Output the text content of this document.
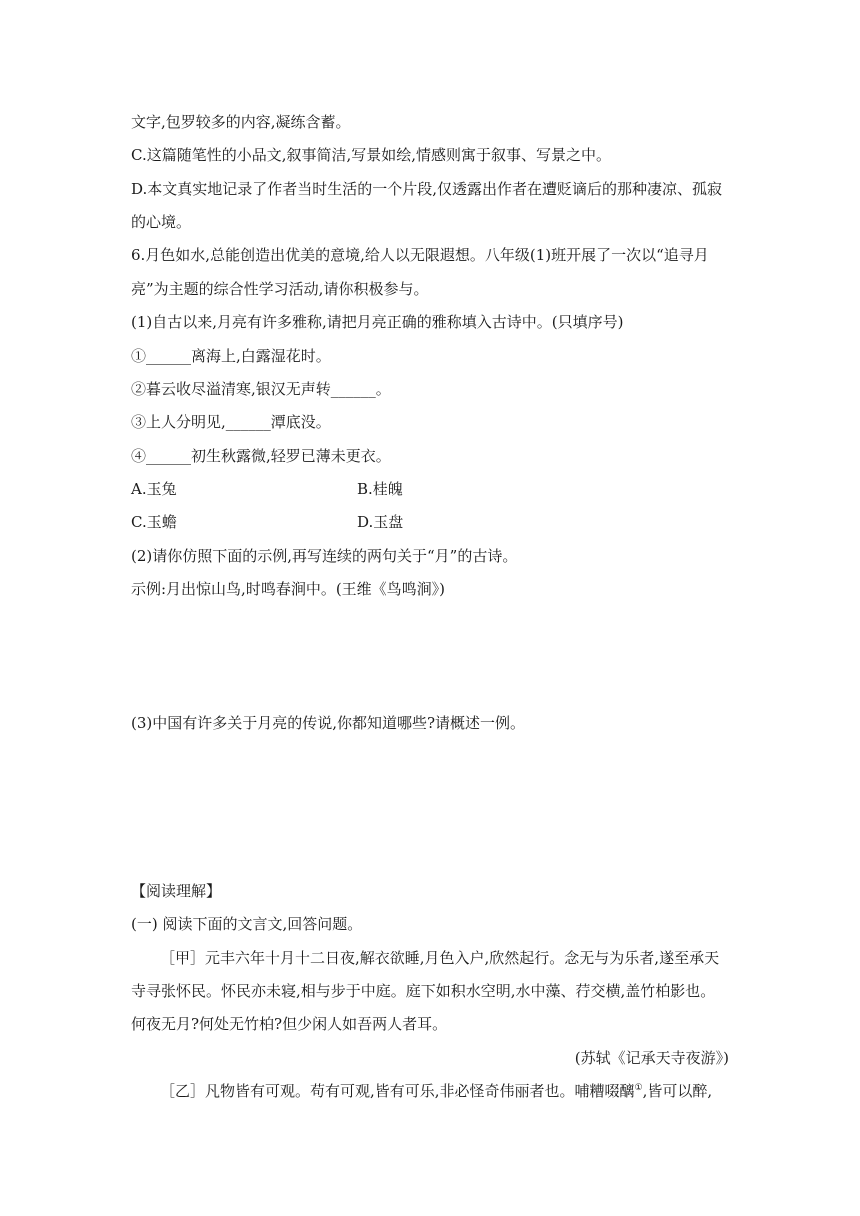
文字,包罗较多的内容,凝练含蓄。
C.这篇随笔性的小品文,叙事简洁,写景如绘,情感则寓于叙事、写景之中。
D.本文真实地记录了作者当时生活的一个片段,仅透露出作者在遭贬谪后的那种凄凉、孤寂
的心境。
6.月色如水,总能创造出优美的意境,给人以无限遐想。八年级(1)班开展了一次以“追寻月
亮”为主题的综合性学习活动,请你积极参与。
(1)自古以来,月亮有许多雅称,请把月亮正确的雅称填入古诗中。(只填序号)
①______离海上,白露湿花时。
②暮云收尽溢清寒,银汉无声转______。
③上人分明见,______潭底没。
④______初生秋露微,轻罗已薄未更衣。
A.玉兔	B.桂魄
C.玉蟾	D.玉盘
(2)请你仿照下面的示例,再写连续的两句关于“月”的古诗。
示例:月出惊山鸟,时鸣春涧中。(王维《鸟鸣涧》)
(3)中国有许多关于月亮的传说,你都知道哪些?请概述一例。
【阅读理解】
(一) 阅读下面的文言文,回答问题。
［甲］元丰六年十月十二日夜,解衣欲睡,月色入户,欣然起行。念无与为乐者,遂至承天
寺寻张怀民。怀民亦未寝,相与步于中庭。庭下如积水空明,水中藻、荇交横,盖竹柏影也。
何夜无月?何处无竹柏?但少闲人如吾两人者耳。
(苏轼《记承天寺夜游》)
［乙］凡物皆有可观。苟有可观,皆有可乐,非必怪奇伟丽者也。哺糟啜醨①,皆可以醉,
